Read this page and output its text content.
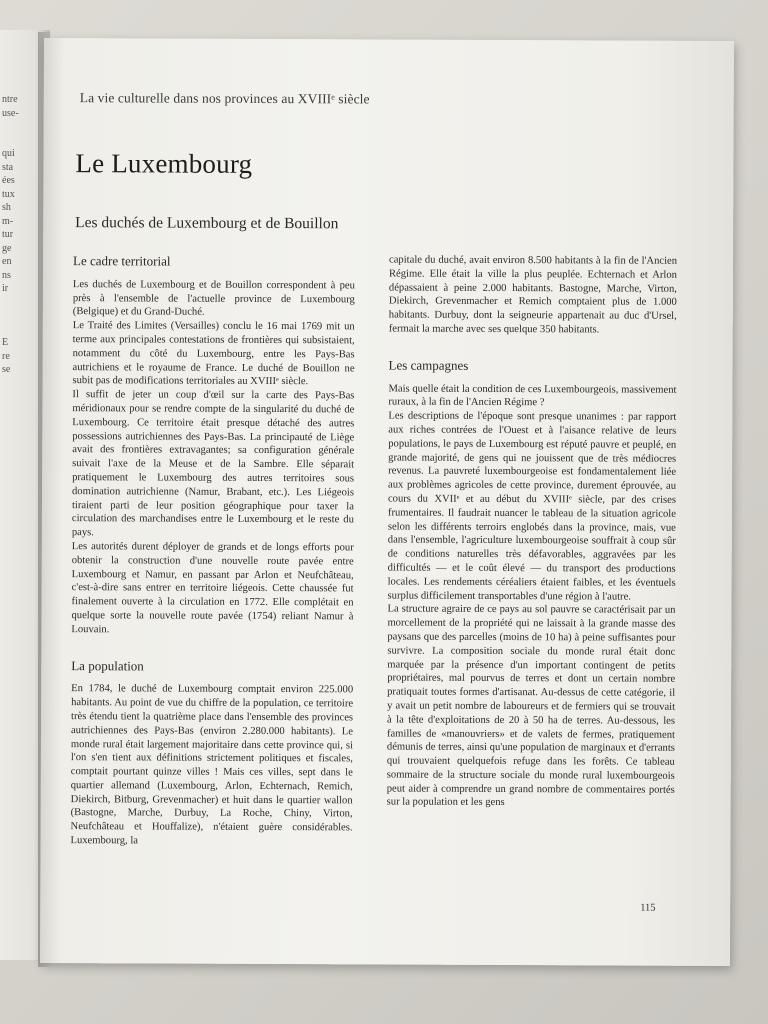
ntre
use-
qui
sta
ées
tux
sh
m-
tur
ge
en
ns
ir
E
re
se
La vie culturelle dans nos provinces au XVIIIᵉ siècle
Le Luxembourg
Les duchés de Luxembourg et de Bouillon
Le cadre territorial

Les duchés de Luxembourg et de Bouillon correspondent à peu près à l'ensemble de l'actuelle province de Luxembourg (Belgique) et du Grand-Duché.

Le Traité des Limites (Versailles) conclu le 16 mai 1769 mit un terme aux principales contestations de frontières qui subsistaient, notamment du côté du Luxembourg, entre les Pays-Bas autrichiens et le royaume de France. Le duché de Bouillon ne subit pas de modifications territoriales au XVIIIᵉ siècle.

Il suffit de jeter un coup d'œil sur la carte des Pays-Bas méridionaux pour se rendre compte de la singularité du duché de Luxembourg. Ce territoire était presque détaché des autres possessions autrichiennes des Pays-Bas. La principauté de Liège avait des frontières extravagantes; sa configuration générale suivait l'axe de la Meuse et de la Sambre. Elle séparait pratiquement le Luxembourg des autres territoires sous domination autrichienne (Namur, Brabant, etc.). Les Liégeois tiraient parti de leur position géographique pour taxer la circulation des marchandises entre le Luxembourg et le reste du pays.

Les autorités durent déployer de grands et de longs efforts pour obtenir la construction d'une nouvelle route pavée entre Luxembourg et Namur, en passant par Arlon et Neufchâteau, c'est-à-dire sans entrer en territoire liégeois. Cette chaussée fut finalement ouverte à la circulation en 1772. Elle complétait en quelque sorte la nouvelle route pavée (1754) reliant Namur à Louvain.

La population

En 1784, le duché de Luxembourg comptait environ 225.000 habitants. Au point de vue du chiffre de la population, ce territoire très étendu tient la quatrième place dans l'ensemble des provinces autrichiennes des Pays-Bas (environ 2.280.000 habitants). Le monde rural était largement majoritaire dans cette province qui, si l'on s'en tient aux définitions strictement politiques et fiscales, comptait pourtant quinze villes ! Mais ces villes, sept dans le quartier allemand (Luxembourg, Arlon, Echternach, Remich, Diekirch, Bitburg, Grevenmacher) et huit dans le quartier wallon (Bastogne, Marche, Durbuy, La Roche, Chiny, Virton, Neufchâteau et Houffalize), n'étaient guère considérables. Luxembourg, la

capitale du duché, avait environ 8.500 habitants à la fin de l'Ancien Régime. Elle était la ville la plus peuplée. Echternach et Arlon dépassaient à peine 2.000 habitants. Bastogne, Marche, Virton, Diekirch, Grevenmacher et Remich comptaient plus de 1.000 habitants. Durbuy, dont la seigneurie appartenait au duc d'Ursel, fermait la marche avec ses quelque 350 habitants.

Les campagnes

Mais quelle était la condition de ces Luxembourgeois, massivement ruraux, à la fin de l'Ancien Régime ?

Les descriptions de l'époque sont presque unanimes : par rapport aux riches contrées de l'Ouest et à l'aisance relative de leurs populations, le pays de Luxembourg est réputé pauvre et peuplé, en grande majorité, de gens qui ne jouissent que de très médiocres revenus. La pauvreté luxembourgeoise est fondamentalement liée aux problèmes agricoles de cette province, durement éprouvée, au cours du XVIIᵉ et au début du XVIIIᵉ siècle, par des crises frumentaires. Il faudrait nuancer le tableau de la situation agricole selon les différents terroirs englobés dans la province, mais, vue dans l'ensemble, l'agriculture luxembourgeoise souffrait à coup sûr de conditions naturelles très défavorables, aggravées par les difficultés — et le coût élevé — du transport des productions locales. Les rendements céréaliers étaient faibles, et les éventuels surplus difficilement transportables d'une région à l'autre.

La structure agraire de ce pays au sol pauvre se caractérisait par un morcellement de la propriété qui ne laissait à la grande masse des paysans que des parcelles (moins de 10 ha) à peine suffisantes pour survivre. La composition sociale du monde rural était donc marquée par la présence d'un important contingent de petits propriétaires, mal pourvus de terres et dont un certain nombre pratiquait toutes formes d'artisanat. Au-dessus de cette catégorie, il y avait un petit nombre de laboureurs et de fermiers qui se trouvait à la tête d'exploitations de 20 à 50 ha de terres. Au-dessous, les familles de «manouvriers» et de valets de fermes, pratiquement démunis de terres, ainsi qu'une population de marginaux et d'errants qui trouvaient quelquefois refuge dans les forêts. Ce tableau sommaire de la structure sociale du monde rural luxembourgeois peut aider à comprendre un grand nombre de commentaires portés sur la population et les gens

115
